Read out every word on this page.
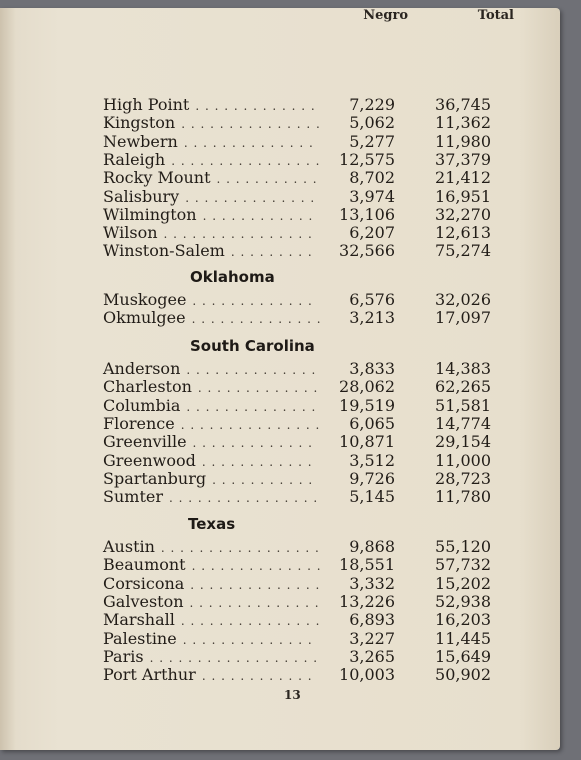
Negro	Total
13
High Point . . . . . . . . . . . . .	7,229	36,745
Kingston . . . . . . . . . . . . . . .	5,062	11,362
Newbern . . . . . . . . . . . . . .	5,277	11,980
Raleigh . . . . . . . . . . . . . . . .	12,575	37,379
Rocky Mount . . . . . . . . . . .	8,702	21,412
Salisbury . . . . . . . . . . . . . .	3,974	16,951
Wilmington . . . . . . . . . . . .	13,106	32,270
Wilson . . . . . . . . . . . . . . . .	6,207	12,613
Winston-Salem . . . . . . . . .	32,566	75,274
Oklahoma
Muskogee . . . . . . . . . . . . .	6,576	32,026
Okmulgee . . . . . . . . . . . . . .	3,213	17,097
South Carolina
Anderson . . . . . . . . . . . . . .	3,833	14,383
Charleston . . . . . . . . . . . . .	28,062	62,265
Columbia . . . . . . . . . . . . . .	19,519	51,581
Florence . . . . . . . . . . . . . . .	6,065	14,774
Greenville . . . . . . . . . . . . .	10,871	29,154
Greenwood . . . . . . . . . . . .	3,512	11,000
Spartanburg . . . . . . . . . . .	9,726	28,723
Sumter . . . . . . . . . . . . . . . .	5,145	11,780
Texas
Austin . . . . . . . . . . . . . . . . .	9,868	55,120
Beaumont . . . . . . . . . . . . . .	18,551	57,732
Corsicona . . . . . . . . . . . . . .	3,332	15,202
Galveston . . . . . . . . . . . . . .	13,226	52,938
Marshall . . . . . . . . . . . . . . .	6,893	16,203
Palestine . . . . . . . . . . . . . .	3,227	11,445
Paris . . . . . . . . . . . . . . . . . .	3,265	15,649
Port Arthur . . . . . . . . . . . .	10,003	50,902
